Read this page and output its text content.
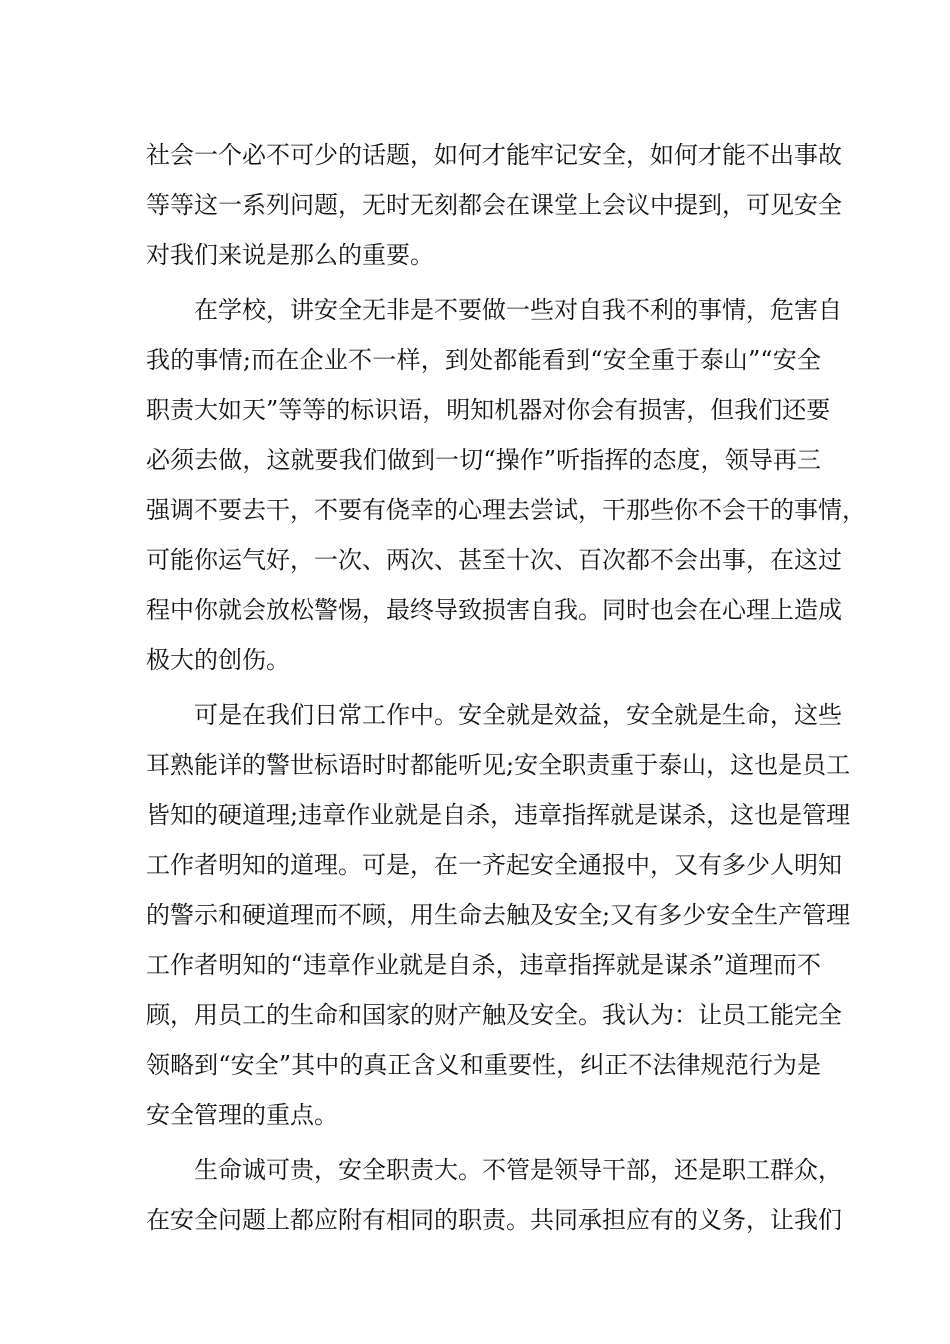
社会一个必不可少的话题，如何才能牢记安全，如何才能不出事故
等等这一系列问题，无时无刻都会在课堂上会议中提到，可见安全
对我们来说是那么的重要。
在学校，讲安全无非是不要做一些对自我不利的事情，危害自
我的事情;而在企业不一样，到处都能看到“安全重于泰山”“安全
职责大如天”等等的标识语，明知机器对你会有损害，但我们还要
必须去做，这就要我们做到一切“操作”听指挥的态度，领导再三
强调不要去干，不要有侥幸的心理去尝试，干那些你不会干的事情，
可能你运气好，一次、两次、甚至十次、百次都不会出事，在这过
程中你就会放松警惕，最终导致损害自我。同时也会在心理上造成
极大的创伤。
可是在我们日常工作中。安全就是效益，安全就是生命，这些
耳熟能详的警世标语时时都能听见;安全职责重于泰山，这也是员工
皆知的硬道理;违章作业就是自杀，违章指挥就是谋杀，这也是管理
工作者明知的道理。可是，在一齐起安全通报中，又有多少人明知
的警示和硬道理而不顾，用生命去触及安全;又有多少安全生产管理
工作者明知的“违章作业就是自杀，违章指挥就是谋杀”道理而不
顾，用员工的生命和国家的财产触及安全。我认为：让员工能完全
领略到“安全”其中的真正含义和重要性，纠正不法律规范行为是
安全管理的重点。
生命诚可贵，安全职责大。不管是领导干部，还是职工群众，
在安全问题上都应附有相同的职责。共同承担应有的义务，让我们
